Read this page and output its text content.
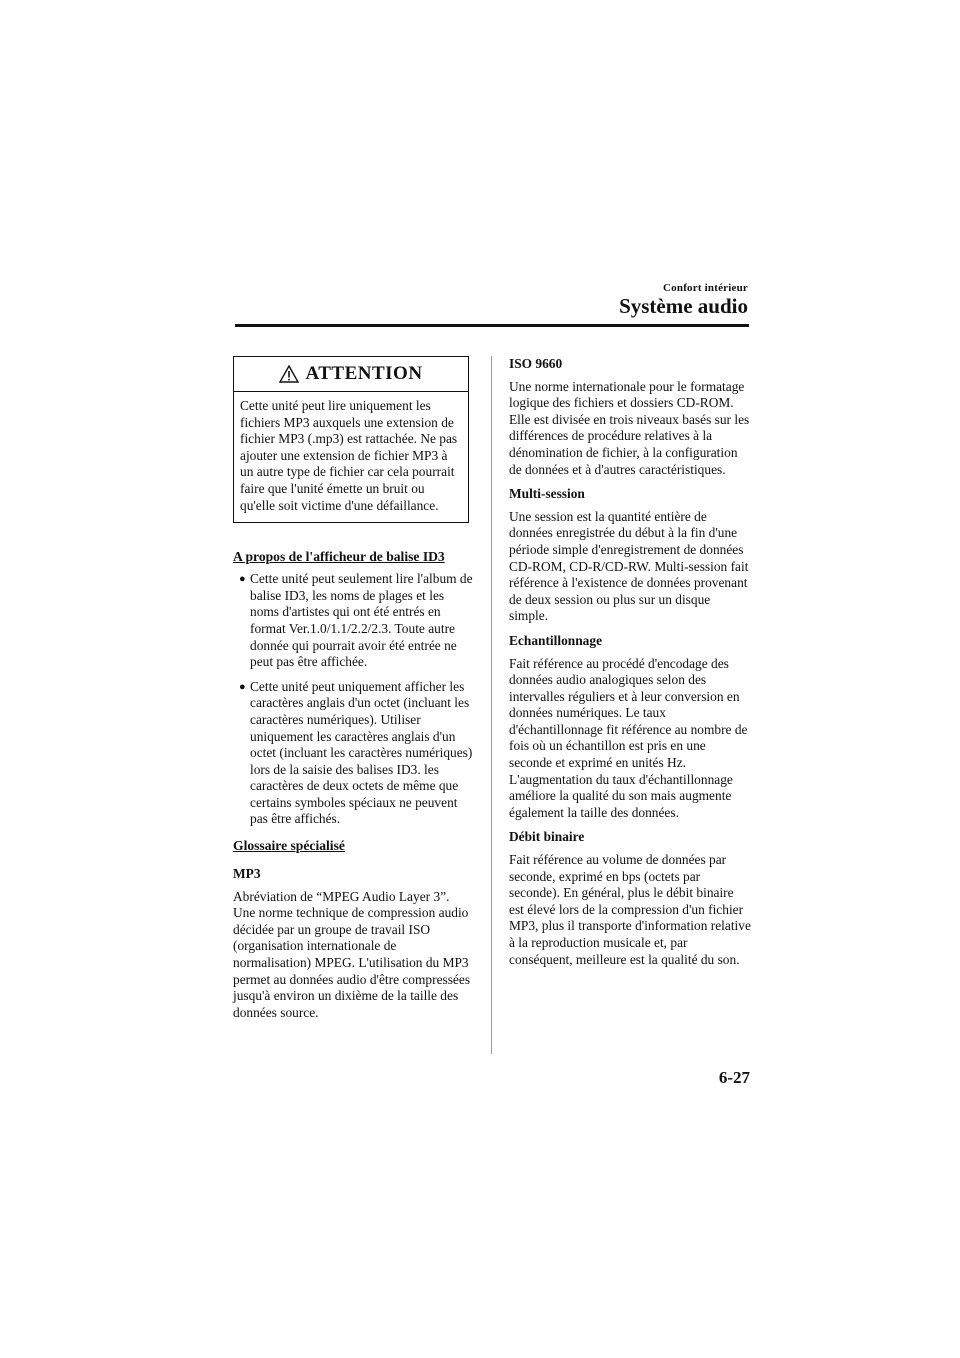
Confort intérieur
Système audio
ATTENTION
Cette unité peut lire uniquement les fichiers MP3 auxquels une extension de fichier MP3 (.mp3) est rattachée. Ne pas ajouter une extension de fichier MP3 à un autre type de fichier car cela pourrait faire que l'unité émette un bruit ou qu'elle soit victime d'une défaillance.
A propos de l'afficheur de balise ID3
● Cette unité peut seulement lire l'album de balise ID3, les noms de plages et les noms d'artistes qui ont été entrés en format Ver.1.0/1.1/2.2/2.3. Toute autre donnée qui pourrait avoir été entrée ne peut pas être affichée.
● Cette unité peut uniquement afficher les caractères anglais d'un octet (incluant les caractères numériques). Utiliser uniquement les caractères anglais d'un octet (incluant les caractères numériques) lors de la saisie des balises ID3. les caractères de deux octets de même que certains symboles spéciaux ne peuvent pas être affichés.
Glossaire spécialisé
MP3
Abréviation de “MPEG Audio Layer 3”. Une norme technique de compression audio décidée par un groupe de travail ISO (organisation internationale de normalisation) MPEG. L'utilisation du MP3 permet au données audio d'être compressées jusqu'à environ un dixième de la taille des données source.
ISO 9660
Une norme internationale pour le formatage logique des fichiers et dossiers CD-ROM. Elle est divisée en trois niveaux basés sur les différences de procédure relatives à la dénomination de fichier, à la configuration de données et à d'autres caractéristiques.
Multi-session
Une session est la quantité entière de données enregistrée du début à la fin d'une période simple d'enregistrement de données CD-ROM, CD-R/CD-RW. Multi-session fait référence à l'existence de données provenant de deux session ou plus sur un disque simple.
Echantillonnage
Fait référence au procédé d'encodage des données audio analogiques selon des intervalles réguliers et à leur conversion en données numériques. Le taux d'échantillonnage fit référence au nombre de fois où un échantillon est pris en une seconde et exprimé en unités Hz. L'augmentation du taux d'échantillonnage améliore la qualité du son mais augmente également la taille des données.
Débit binaire
Fait référence au volume de données par seconde, exprimé en bps (octets par seconde). En général, plus le débit binaire est élevé lors de la compression d'un fichier MP3, plus il transporte d'information relative à la reproduction musicale et, par conséquent, meilleure est la qualité du son.
6-27
